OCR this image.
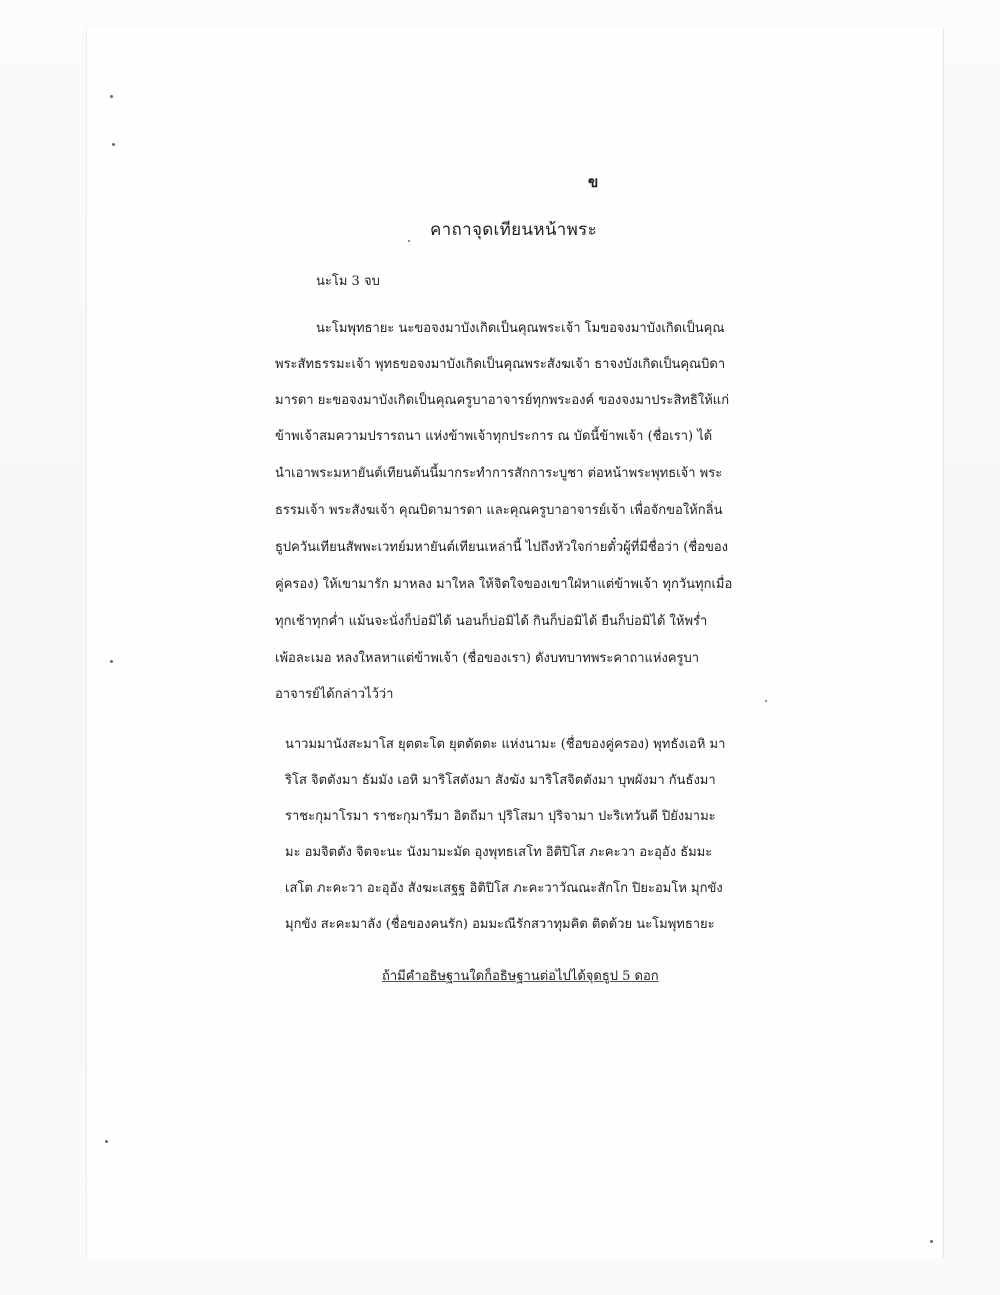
ข
คาถาจุดเทียนหน้าพระ
นะโม 3 จบ
นะโมพุทธายะ นะขอจงมาบังเกิดเป็นคุณพระเจ้า โมขอจงมาบังเกิดเป็นคุณ
พระสัทธรรมะเจ้า พุทธขอจงมาบังเกิดเป็นคุณพระสังฆเจ้า ธาจงบังเกิดเป็นคุณบิดา
มารดา ยะขอจงมาบังเกิดเป็นคุณครูบาอาจารย์ทุกพระองค์ ของจงมาประสิทธิให้แก่
ข้าพเจ้าสมความปรารถนา แห่งข้าพเจ้าทุกประการ ณ บัดนี้ข้าพเจ้า (ชื่อเรา) ได้
นำเอาพระมหายันต์เทียนต้นนี้มากระทำการสักการะบูชา ต่อหน้าพระพุทธเจ้า พระ
ธรรมเจ้า พระสังฆเจ้า คุณบิดามารดา และคุณครูบาอาจารย์เจ้า เพื่อจักขอให้กลิ่น
ธูปควันเทียนสัพพะเวทย์มหายันต์เทียนเหล่านี้ ไปถึงหัวใจก่ายตั๋วผู้ที่มีชื่อว่า (ชื่อของ
คู่ครอง) ให้เขามารัก มาหลง มาใหล ให้จิตใจของเขาใฝ่หาแต่ข้าพเจ้า ทุกวันทุกเมื่อ
ทุกเช้าทุกค่ำ แม้นจะนั่งก็บ่อมิได้ นอนก็บ่อมิได้ กินก็บ่อมิได้ ยืนก็บ่อมิได้ ให้พร่ำ
เพ้อละเมอ หลงใหลหาแต่ข้าพเจ้า (ชื่อของเรา) ดังบทบาทพระคาถาแห่งครูบา
อาจารย์ได้กล่าวไว้ว่า
นาวมมานังสะมาโส ยุตตะโต ยุตตัตตะ แห่งนามะ (ชื่อของคู่ครอง) พุทธังเอหิ มา
ริโส จิตตังมา ธัมมัง เอหิ มาริโสตังมา สังฆัง มาริโสจิตตังมา บุพผังมา กันธังมา
ราชะกุมาโรมา ราชะกุมารีมา อิตถีมา ปุริโสมา ปุริจามา ปะริเทวันตี ปิยังมามะ
มะ อมจิตตัง จิตจะนะ นังมามะมัด อุงพุทธเสโท อิติปิโส ภะคะวา อะอุอัง ธัมมะ
เสโต ภะคะวา อะอุอัง สังฆะเสฐฐ อิติปิโส ภะคะวาวัณณะสักโก ปิยะอมโห มุกขัง
มุกขัง สะคะมาลัง (ชื่อของคนรัก) อมมะณีรักสวาทุมคิด ติดด้วย นะโมพุทธายะ
ถ้ามีคำอธิษฐานใดก็อธิษฐานต่อไปได้จุดธูป 5 ดอก
